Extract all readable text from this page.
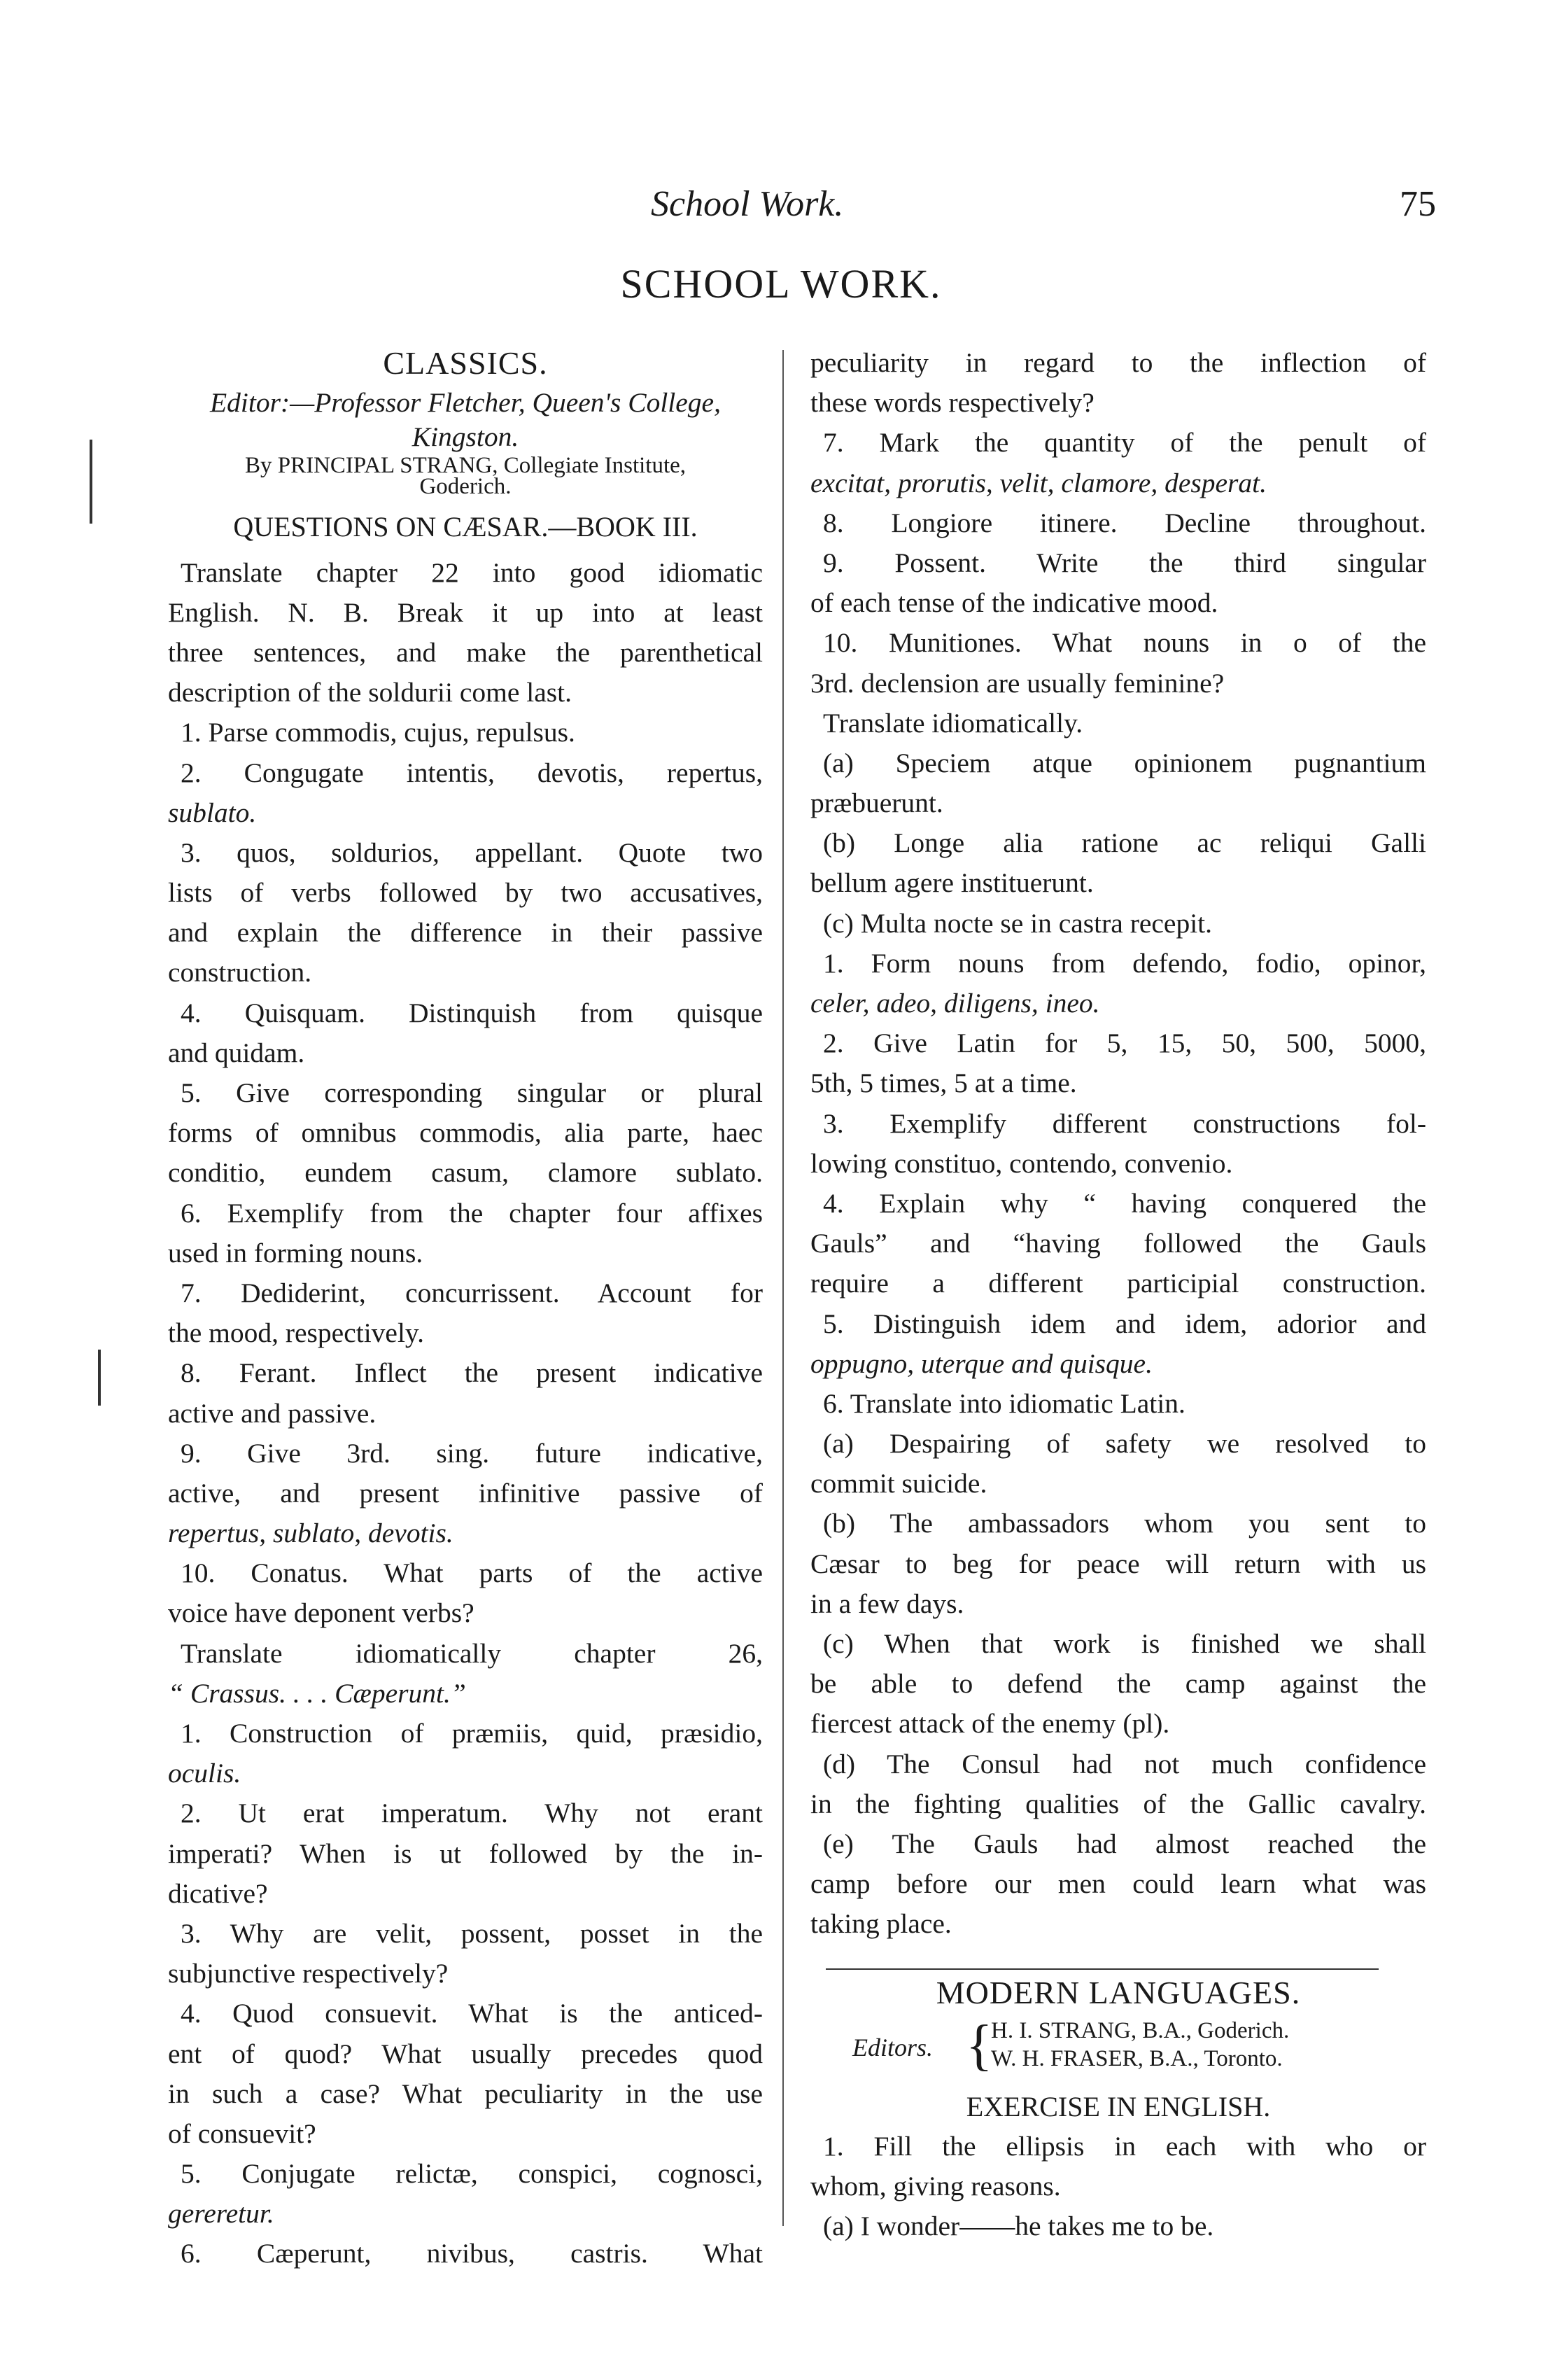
School Work.	75
SCHOOL WORK.
CLASSICS.
Editor:—Professor Fletcher, Queen's College,
Kingston.
By PRINCIPAL STRANG, Collegiate Institute,
Goderich.
QUESTIONS ON CÆSAR.—BOOK III.
Translate chapter 22 into good idiomatic
English. N. B. Break it up into at least
three sentences, and make the parenthetical
description of the soldurii come last.
1. Parse commodis, cujus, repulsus.
2. Congugate intentis, devotis, repertus,
sublato.
3. quos, soldurios, appellant. Quote two
lists of verbs followed by two accusatives,
and explain the difference in their passive
construction.
4. Quisquam. Distinquish from quisque
and quidam.
5. Give corresponding singular or plural
forms of omnibus commodis, alia parte, haec
conditio, eundem casum, clamore sublato.
6. Exemplify from the chapter four affixes
used in forming nouns.
7. Dediderint, concurrissent. Account for
the mood, respectively.
8. Ferant. Inflect the present indicative
active and passive.
9. Give 3rd. sing. future indicative,
active, and present infinitive passive of
repertus, sublato, devotis.
10. Conatus. What parts of the active
voice have deponent verbs?
Translate idiomatically chapter 26,
“ Crassus. . . . Cæperunt.”
1. Construction of præmiis, quid, præsidio,
oculis.
2. Ut erat imperatum. Why not erant
imperati? When is ut followed by the in-
dicative?
3. Why are velit, possent, posset in the
subjunctive respectively?
4. Quod consuevit. What is the anticed-
ent of quod? What usually precedes quod
in such a case? What peculiarity in the use
of consuevit?
5. Conjugate relictæ, conspici, cognosci,
gereretur.
6. Cæperunt, nivibus, castris. What
peculiarity in regard to the inflection of
these words respectively?
7. Mark the quantity of the penult of
excitat, prorutis, velit, clamore, desperat.
8. Longiore itinere. Decline throughout.
9. Possent. Write the third singular
of each tense of the indicative mood.
10. Munitiones. What nouns in o of the
3rd. declension are usually feminine?
Translate idiomatically.
(a) Speciem atque opinionem pugnantium
præbuerunt.
(b) Longe alia ratione ac reliqui Galli
bellum agere instituerunt.
(c) Multa nocte se in castra recepit.
1. Form nouns from defendo, fodio, opinor,
celer, adeo, diligens, ineo.
2. Give Latin for 5, 15, 50, 500, 5000,
5th, 5 times, 5 at a time.
3. Exemplify different constructions fol-
lowing constituo, contendo, convenio.
4. Explain why “ having conquered the
Gauls” and “having followed the Gauls
require a different participial construction.
5. Distinguish idem and idem, adorior and
oppugno, uterque and quisque.
6. Translate into idiomatic Latin.
(a) Despairing of safety we resolved to
commit suicide.
(b) The ambassadors whom you sent to
Cæsar to beg for peace will return with us
in a few days.
(c) When that work is finished we shall
be able to defend the camp against the
fiercest attack of the enemy (pl).
(d) The Consul had not much confidence
in the fighting qualities of the Gallic cavalry.
(e) The Gauls had almost reached the
camp before our men could learn what was
taking place.
MODERN LANGUAGES.
Editors. {
H. I. STRANG, B.A., Goderich.
W. H. FRASER, B.A., Toronto.
EXERCISE IN ENGLISH.
1. Fill the ellipsis in each with who or
whom, giving reasons.
(a) I wonder——he takes me to be.
